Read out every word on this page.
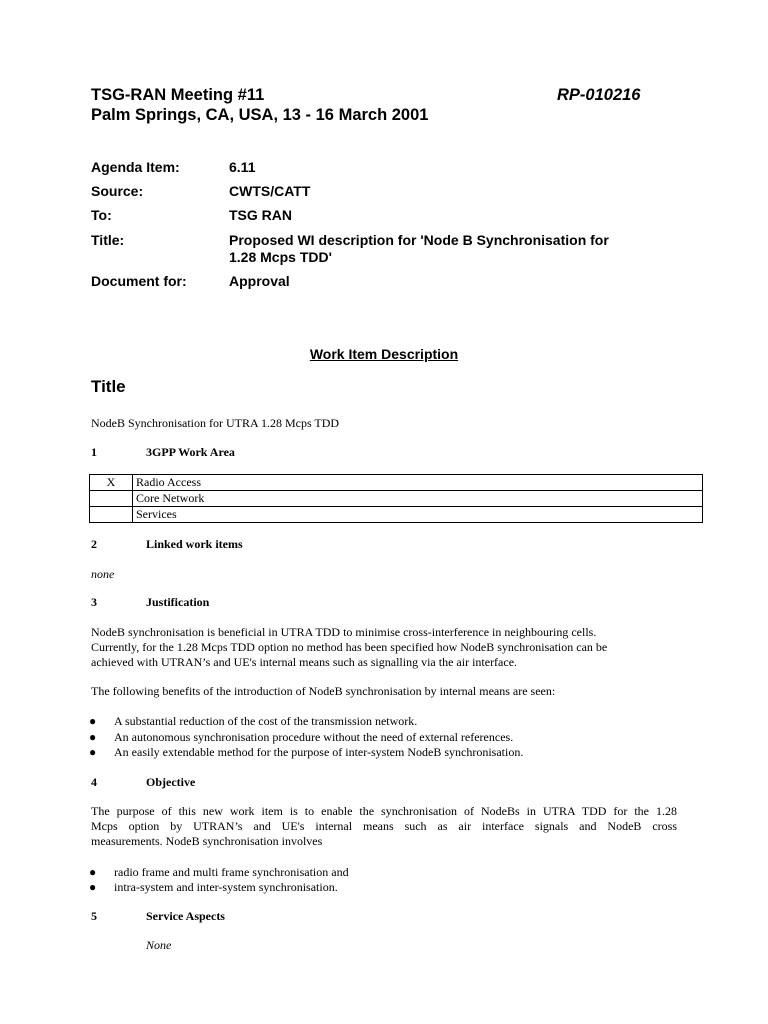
TSG-RAN Meeting #11	RP-010216
Palm Springs, CA, USA, 13 - 16 March 2001
Agenda Item:	6.11
Source:	CWTS/CATT
To:	TSG RAN
Title:	Proposed WI description for 'Node B Synchronisation for
1.28 Mcps TDD'
Document for:	Approval
Work Item Description
Title
NodeB Synchronisation for UTRA 1.28 Mcps TDD
1	3GPP Work Area
X	Radio Access
	Core Network
	Services
2	Linked work items
none
3	Justification
NodeB synchronisation is beneficial in UTRA TDD to minimise cross-interference in neighbouring cells.
Currently, for the 1.28 Mcps TDD option no method has been specified how NodeB synchronisation can be
achieved with UTRAN’s and UE's internal means such as signalling via the air interface.
The following benefits of the introduction of NodeB synchronisation by internal means are seen:
● A substantial reduction of the cost of the transmission network.
● An autonomous synchronisation procedure without the need of external references.
● An easily extendable method for the purpose of inter-system NodeB synchronisation.
4	Objective
The purpose of this new work item is to enable the synchronisation of NodeBs in UTRA TDD for the 1.28
Mcps option by UTRAN’s and UE's internal means such as air interface signals and NodeB cross
measurements. NodeB synchronisation involves
● radio frame and multi frame synchronisation and
● intra-system and inter-system synchronisation.
5	Service Aspects
None
